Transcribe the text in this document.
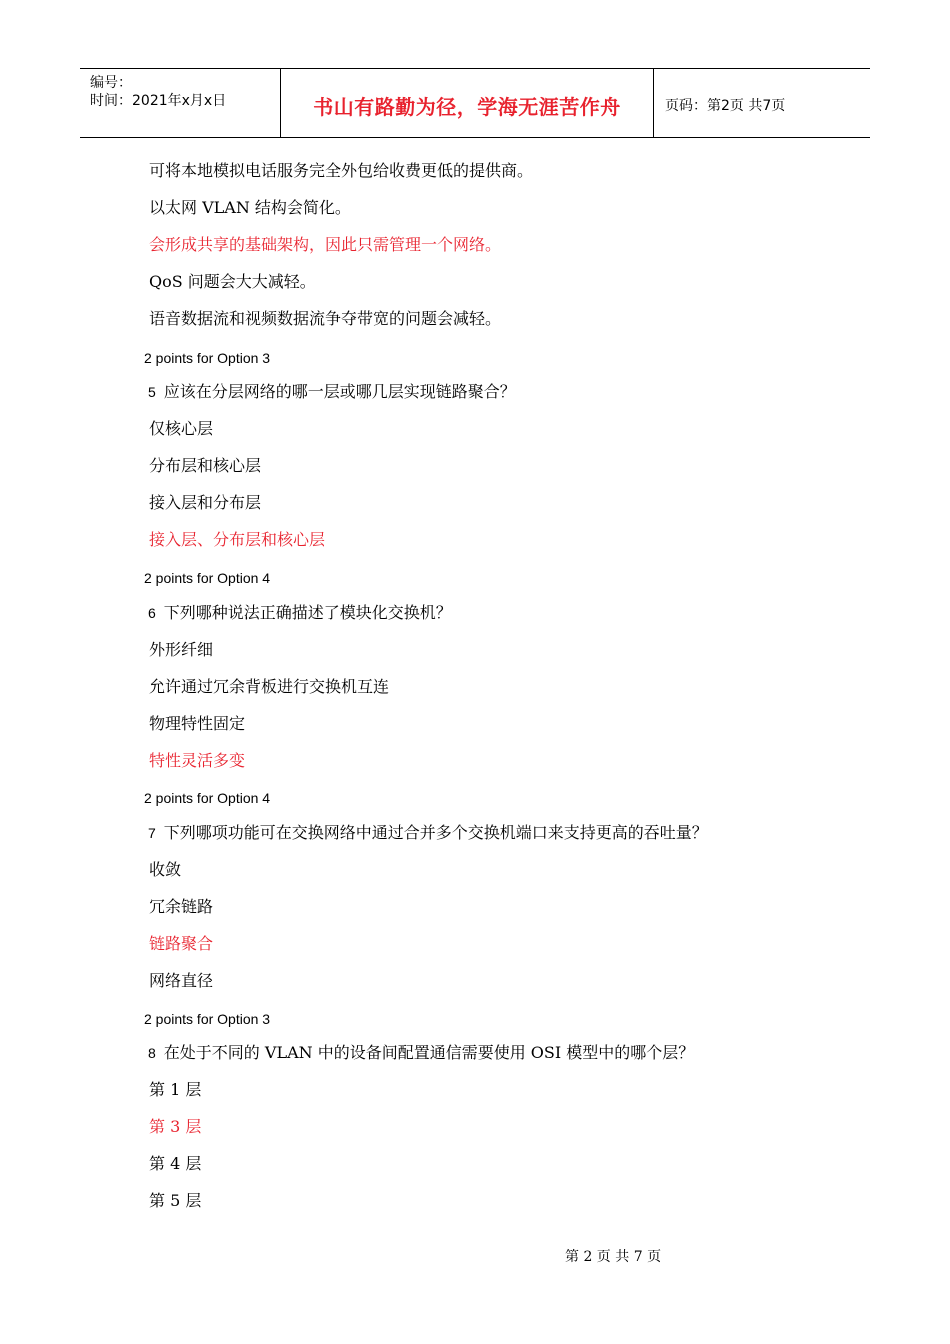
编号：
时间：2021年x月x日	书山有路勤为径，学海无涯苦作舟	页码：第2页 共7页
可将本地模拟电话服务完全外包给收费更低的提供商。
以太网 VLAN 结构会简化。
会形成共享的基础架构，因此只需管理一个网络。
QoS 问题会大大减轻。
语音数据流和视频数据流争夺带宽的问题会减轻。
2 points for Option 3
5 应该在分层网络的哪一层或哪几层实现链路聚合？
仅核心层
分布层和核心层
接入层和分布层
接入层、分布层和核心层
2 points for Option 4
6 下列哪种说法正确描述了模块化交换机？
外形纤细
允许通过冗余背板进行交换机互连
物理特性固定
特性灵活多变
2 points for Option 4
7 下列哪项功能可在交换网络中通过合并多个交换机端口来支持更高的吞吐量？
收敛
冗余链路
链路聚合
网络直径
2 points for Option 3
8 在处于不同的 VLAN 中的设备间配置通信需要使用 OSI 模型中的哪个层？
第 1 层
第 3 层
第 4 层
第 5 层
第 2 页 共 7 页
